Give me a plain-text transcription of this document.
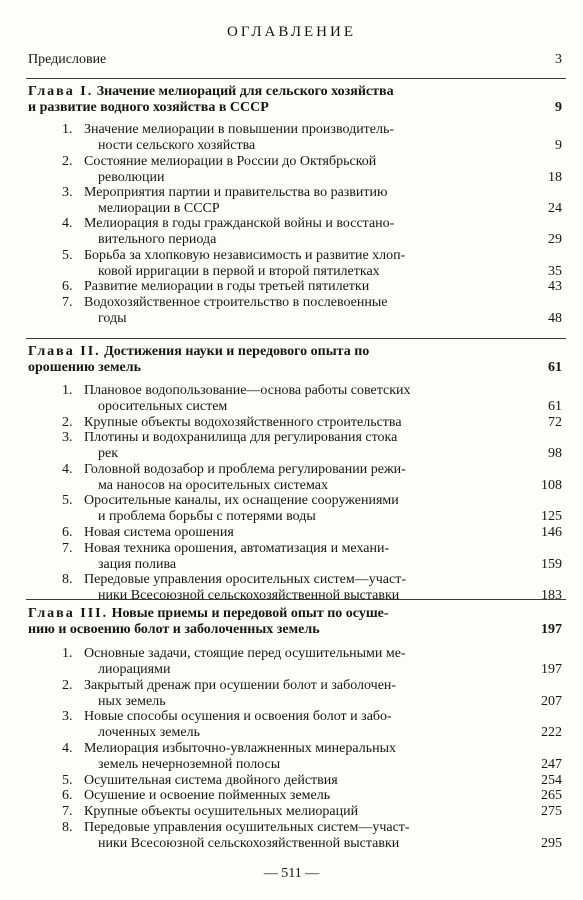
ОГЛАВЛЕНИЕ
Предисловие	3
Глава I. Значение мелиораций для сельского хозяйства
и развитие водного хозяйства в СССР	9
1. Значение мелиорации в повышении производитель-
ности сельского хозяйства	9
2. Состояние мелиорации в России до Октябрьской
революции	18
3. Мероприятия партии и правительства во развитию
мелиорации в СССР	24
4. Мелиорация в годы гражданской войны и восстано-
вительного периода	29
5. Борьба за хлопковую независимость и развитие хлоп-
ковой ирригации в первой и второй пятилетках	35
6. Развитие мелиорации в годы третьей пятилетки	43
7. Водохозяйственное строительство в послевоенные
годы	48
Глава II. Достижения науки и передового опыта по
орошению земель	61
1. Плановое водопользование—основа работы советских
оросительных систем	61
2. Крупные объекты водохозяйственного строительства	72
3. Плотины и водохранилища для регулирования стока
рек	98
4. Головной водозабор и проблема регулировании режи-
ма наносов на оросительных системах	108
5. Оросительные каналы, их оснащение сооружениями
и проблема борьбы с потерями воды	125
6. Новая система орошения	146
7. Новая техника орошения, автоматизация и механи-
зация полива	159
8. Передовые управления оросительных систем—участ-
ники Всесоюзной сельскохозяйственной выставки	183
Глава III. Новые приемы и передовой опыт по осуше-
нию и освоению болот и заболоченных земель	197
1. Основные задачи, стоящие перед осушительными ме-
лиорациями	197
2. Закрытый дренаж при осушении болот и заболочен-
ных земель	207
3. Новые способы осушения и освоения болот и забо-
лоченных земель	222
4. Мелиорация избыточно-увлажненных минеральных
земель нечерноземной полосы	247
5. Осушительная система двойного действия	254
6. Осушение и освоение пойменных земель	265
7. Крупные объекты осушительных мелиораций	275
8. Передовые управления осушительных систем—участ-
ники Всесоюзной сельскохозяйственной выставки	295
— 511 —
